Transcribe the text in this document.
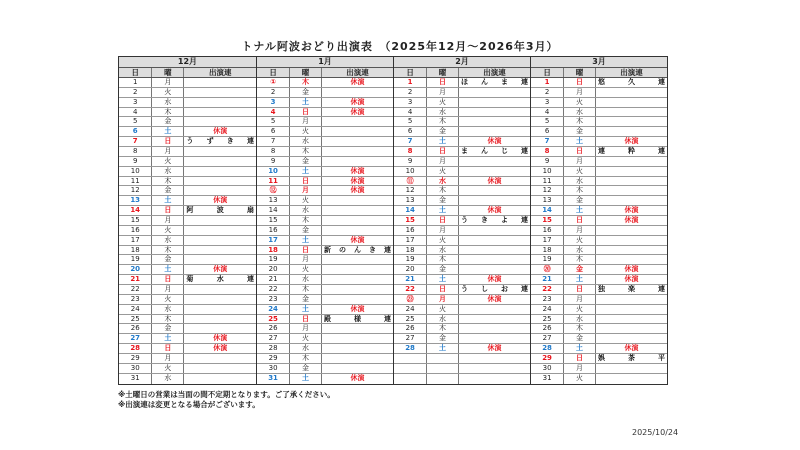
トナル阿波おどり出演表　（2025年12月～2026年3月）
12月
日	曜	出演連
1	月
2	火
3	水
4	木
5	金
6	土	休演
7	日	うずき連
8	月
9	火
10	水
11	木
12	金
13	土	休演
14	日	阿波扇
15	月
16	火
17	水
18	木
19	金
20	土	休演
21	日	菊水連
22	月
23	火
24	水
25	木
26	金
27	土	休演
28	日	休演
29	月
30	火
31	水
1月
日	曜	出演連
①	木	休演
2	金
3	土	休演
4	日	休演
5	月
6	火
7	水
8	木
9	金
10	土	休演
11	日	休演
⑫	月	休演
13	火
14	水
15	木
16	金
17	土	休演
18	日	新のんき連
19	月
20	火
21	水
22	木
23	金
24	土	休演
25	日	殿様連
26	月
27	火
28	水
29	木
30	金
31	土	休演
2月
日	曜	出演連
1	日	ほんま連
2	月
3	火
4	水
5	木
6	金
7	土	休演
8	日	まんじ連
9	月
10	火
⑪	水	休演
12	木
13	金
14	土	休演
15	日	うきよ連
16	月
17	火
18	水
19	木
20	金
21	土	休演
22	日	うしお連
㉓	月	休演
24	火
25	水
26	木
27	金
28	土	休演
3月
日	曜	出演連
1	日	悠久連
2	月
3	火
4	水
5	木
6	金
7	土	休演
8	日	連粋連
9	月
10	火
11	水
12	木
13	金
14	土	休演
15	日	休演
16	月
17	火
18	水
19	木
⑳	金	休演
21	土	休演
22	日	独楽連
23	月
24	火
25	水
26	木
27	金
28	土	休演
29	日	娯茶平
30	月
31	火
※土曜日の営業は当面の間不定期となります。ご了承ください。
※出演連は変更となる場合がございます。
2025/10/24
